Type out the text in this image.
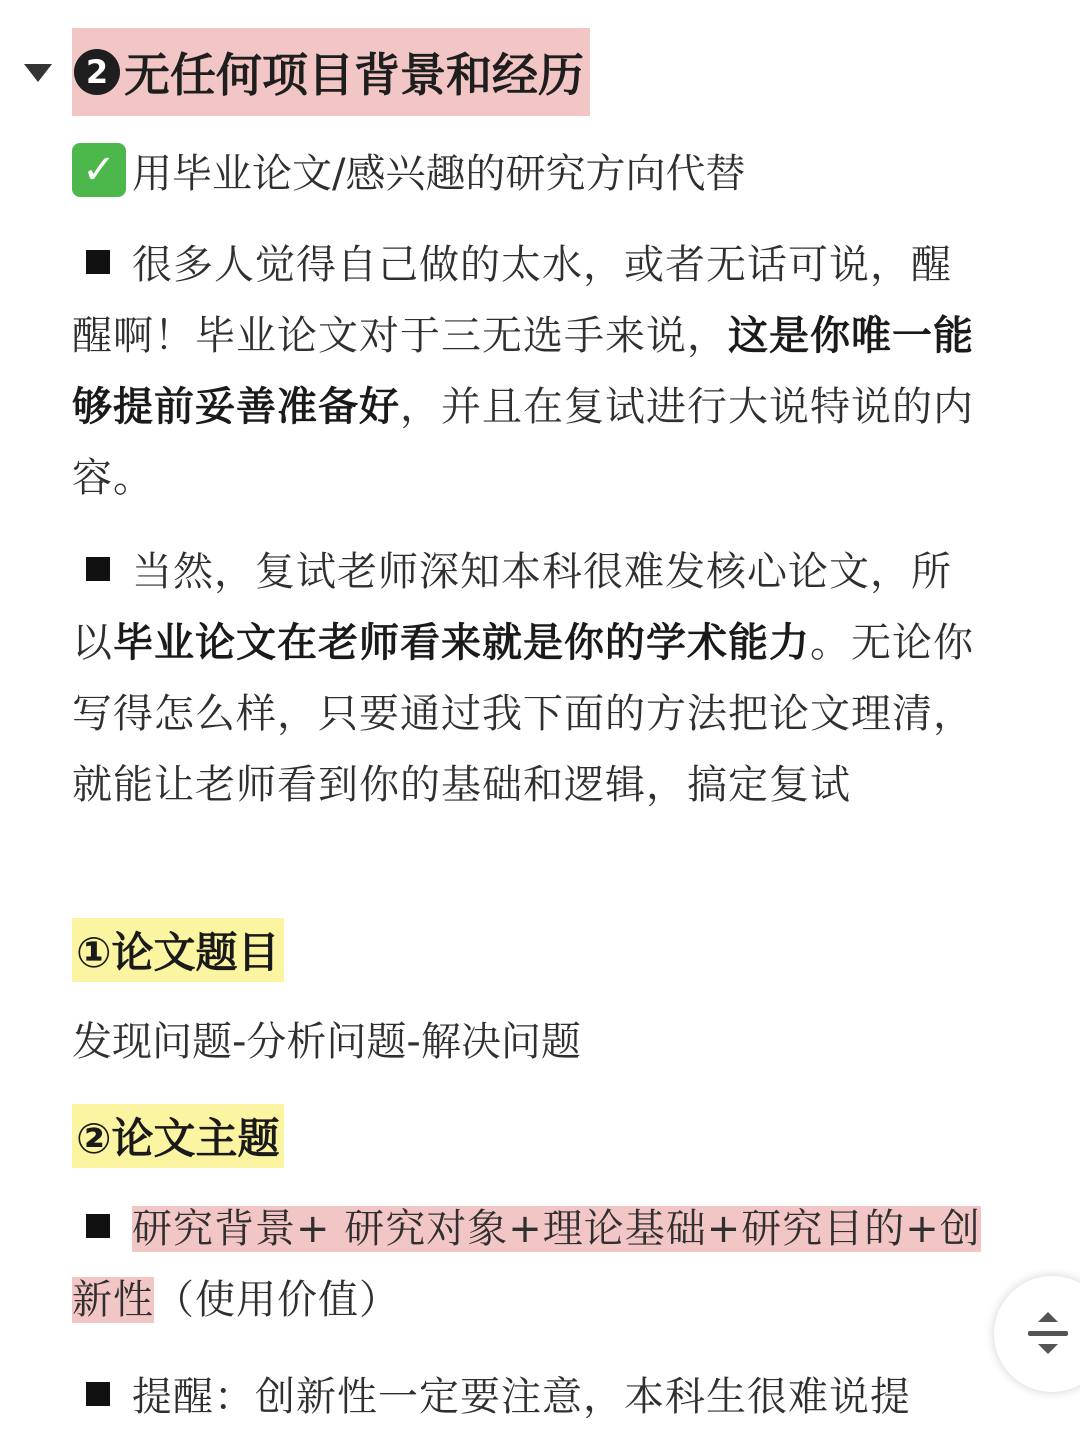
2 无任何项目背景和经历
✓ 用毕业论文/感兴趣的研究方向代替
很多人觉得自己做的太水，或者无话可说，醒醒啊！毕业论文对于三无选手来说，这是你唯一能够提前妥善准备好，并且在复试进行大说特说的内容。
当然，复试老师深知本科很难发核心论文，所以毕业论文在老师看来就是你的学术能力。无论你写得怎么样，只要通过我下面的方法把论文理清，就能让老师看到你的基础和逻辑，搞定复试
①论文题目
发现问题-分析问题-解决问题
②论文主题
研究背景+ 研究对象+理论基础+研究目的+创新性（使用价值）
提醒：创新性一定要注意，本科生很难说提
